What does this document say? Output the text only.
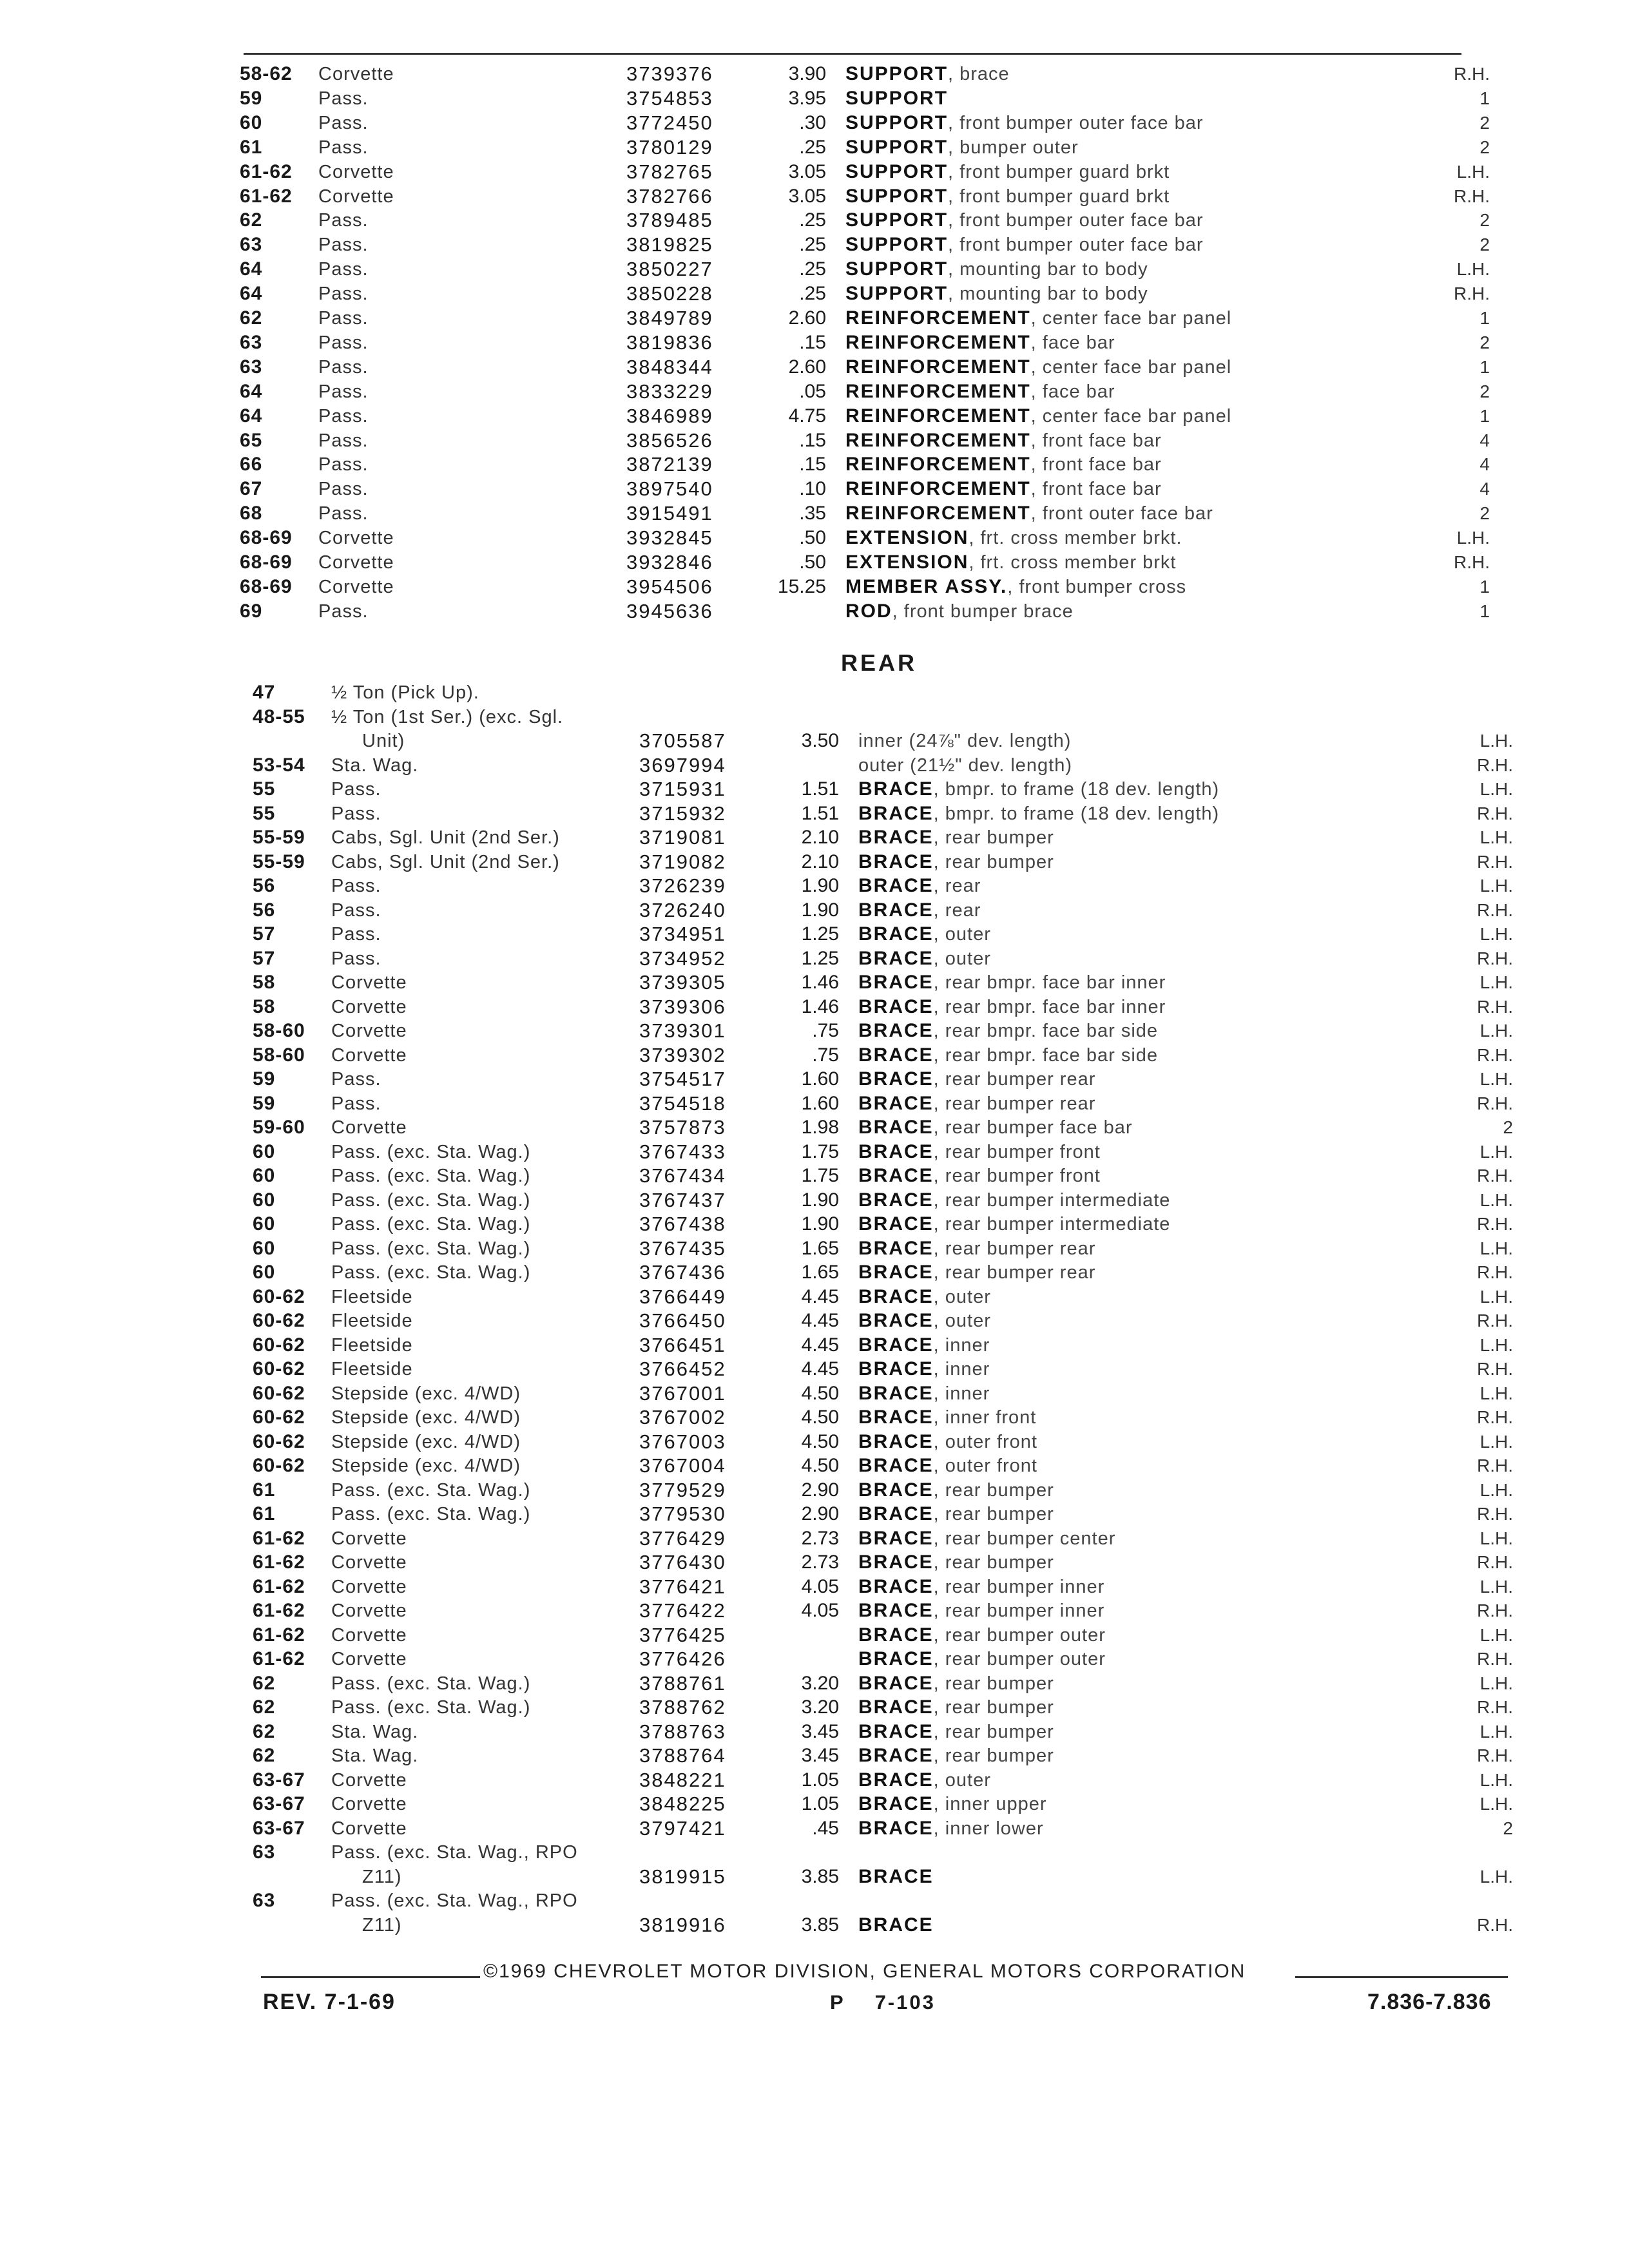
58-62 Corvette	3739376	3.90 SUPPORT, brace	R.H.
59	Pass.	3754853	3.95 SUPPORT	1
60	Pass.	3772450	.30 SUPPORT, front bumper outer face bar	2
61	Pass.	3780129	.25 SUPPORT, bumper outer	2
61-62 Corvette	3782765	3.05 SUPPORT, front bumper guard brkt	L.H.
61-62 Corvette	3782766	3.05 SUPPORT, front bumper guard brkt	R.H.
62	Pass.	3789485	.25 SUPPORT, front bumper outer face bar	2
63	Pass.	3819825	.25 SUPPORT, front bumper outer face bar	2
64	Pass.	3850227	.25 SUPPORT, mounting bar to body	L.H.
64	Pass.	3850228	.25 SUPPORT, mounting bar to body	R.H.
62	Pass.	3849789	2.60 REINFORCEMENT, center face bar panel	1
63	Pass.	3819836	.15 REINFORCEMENT, face bar	2
63	Pass.	3848344	2.60 REINFORCEMENT, center face bar panel	1
64	Pass.	3833229	.05 REINFORCEMENT, face bar	2
64	Pass.	3846989	4.75 REINFORCEMENT, center face bar panel	1
65	Pass.	3856526	.15 REINFORCEMENT, front face bar	4
66	Pass.	3872139	.15 REINFORCEMENT, front face bar	4
67	Pass.	3897540	.10 REINFORCEMENT, front face bar	4
68	Pass.	3915491	.35 REINFORCEMENT, front outer face bar	2
68-69 Corvette	3932845	.50 EXTENSION, frt. cross member brkt.	L.H.
68-69 Corvette	3932846	.50 EXTENSION, frt. cross member brkt	R.H.
68-69 Corvette	3954506	15.25 MEMBER ASSY., front bumper cross	1
69	Pass.	3945636	ROD, front bumper brace	1
REAR
47	½ Ton (Pick Up).
48-55 ½ Ton (1st Ser.) (exc. Sgl.
Unit)	3705587	3.50 inner (24⅞" dev. length)	L.H.
53-54 Sta. Wag.	3697994	outer (21½" dev. length)	R.H.
55	Pass.	3715931	1.51 BRACE, bmpr. to frame (18 dev. length)	L.H.
55	Pass.	3715932	1.51 BRACE, bmpr. to frame (18 dev. length)	R.H.
55-59 Cabs, Sgl. Unit (2nd Ser.)	3719081	2.10 BRACE, rear bumper	L.H.
55-59 Cabs, Sgl. Unit (2nd Ser.)	3719082	2.10 BRACE, rear bumper	R.H.
56	Pass.	3726239	1.90 BRACE, rear	L.H.
56	Pass.	3726240	1.90 BRACE, rear	R.H.
57	Pass.	3734951	1.25 BRACE, outer	L.H.
57	Pass.	3734952	1.25 BRACE, outer	R.H.
58	Corvette	3739305	1.46 BRACE, rear bmpr. face bar inner	L.H.
58	Corvette	3739306	1.46 BRACE, rear bmpr. face bar inner	R.H.
58-60 Corvette	3739301	.75 BRACE, rear bmpr. face bar side	L.H.
58-60 Corvette	3739302	.75 BRACE, rear bmpr. face bar side	R.H.
59	Pass.	3754517	1.60 BRACE, rear bumper rear	L.H.
59	Pass.	3754518	1.60 BRACE, rear bumper rear	R.H.
59-60 Corvette	3757873	1.98 BRACE, rear bumper face bar	2
60	Pass. (exc. Sta. Wag.)	3767433	1.75 BRACE, rear bumper front	L.H.
60	Pass. (exc. Sta. Wag.)	3767434	1.75 BRACE, rear bumper front	R.H.
60	Pass. (exc. Sta. Wag.)	3767437	1.90 BRACE, rear bumper intermediate	L.H.
60	Pass. (exc. Sta. Wag.)	3767438	1.90 BRACE, rear bumper intermediate	R.H.
60	Pass. (exc. Sta. Wag.)	3767435	1.65 BRACE, rear bumper rear	L.H.
60	Pass. (exc. Sta. Wag.)	3767436	1.65 BRACE, rear bumper rear	R.H.
60-62 Fleetside	3766449	4.45 BRACE, outer	L.H.
60-62 Fleetside	3766450	4.45 BRACE, outer	R.H.
60-62 Fleetside	3766451	4.45 BRACE, inner	L.H.
60-62 Fleetside	3766452	4.45 BRACE, inner	R.H.
60-62 Stepside (exc. 4/WD)	3767001	4.50 BRACE, inner	L.H.
60-62 Stepside (exc. 4/WD)	3767002	4.50 BRACE, inner front	R.H.
60-62 Stepside (exc. 4/WD)	3767003	4.50 BRACE, outer front	L.H.
60-62 Stepside (exc. 4/WD)	3767004	4.50 BRACE, outer front	R.H.
61	Pass. (exc. Sta. Wag.)	3779529	2.90 BRACE, rear bumper	L.H.
61	Pass. (exc. Sta. Wag.)	3779530	2.90 BRACE, rear bumper	R.H.
61-62 Corvette	3776429	2.73 BRACE, rear bumper center	L.H.
61-62 Corvette	3776430	2.73 BRACE, rear bumper	R.H.
61-62 Corvette	3776421	4.05 BRACE, rear bumper inner	L.H.
61-62 Corvette	3776422	4.05 BRACE, rear bumper inner	R.H.
61-62 Corvette	3776425	BRACE, rear bumper outer	L.H.
61-62 Corvette	3776426	BRACE, rear bumper outer	R.H.
62	Pass. (exc. Sta. Wag.)	3788761	3.20 BRACE, rear bumper	L.H.
62	Pass. (exc. Sta. Wag.)	3788762	3.20 BRACE, rear bumper	R.H.
62	Sta. Wag.	3788763	3.45 BRACE, rear bumper	L.H.
62	Sta. Wag.	3788764	3.45 BRACE, rear bumper	R.H.
63-67 Corvette	3848221	1.05 BRACE, outer	L.H.
63-67 Corvette	3848225	1.05 BRACE, inner upper	L.H.
63-67 Corvette	3797421	.45 BRACE, inner lower	2
63	Pass. (exc. Sta. Wag., RPO
Z11)	3819915	3.85 BRACE	L.H.
63	Pass. (exc. Sta. Wag., RPO
Z11)	3819916	3.85 BRACE	R.H.
©1969 CHEVROLET MOTOR DIVISION, GENERAL MOTORS CORPORATION
REV. 7-1-69	P    7-103	7.836-7.836
